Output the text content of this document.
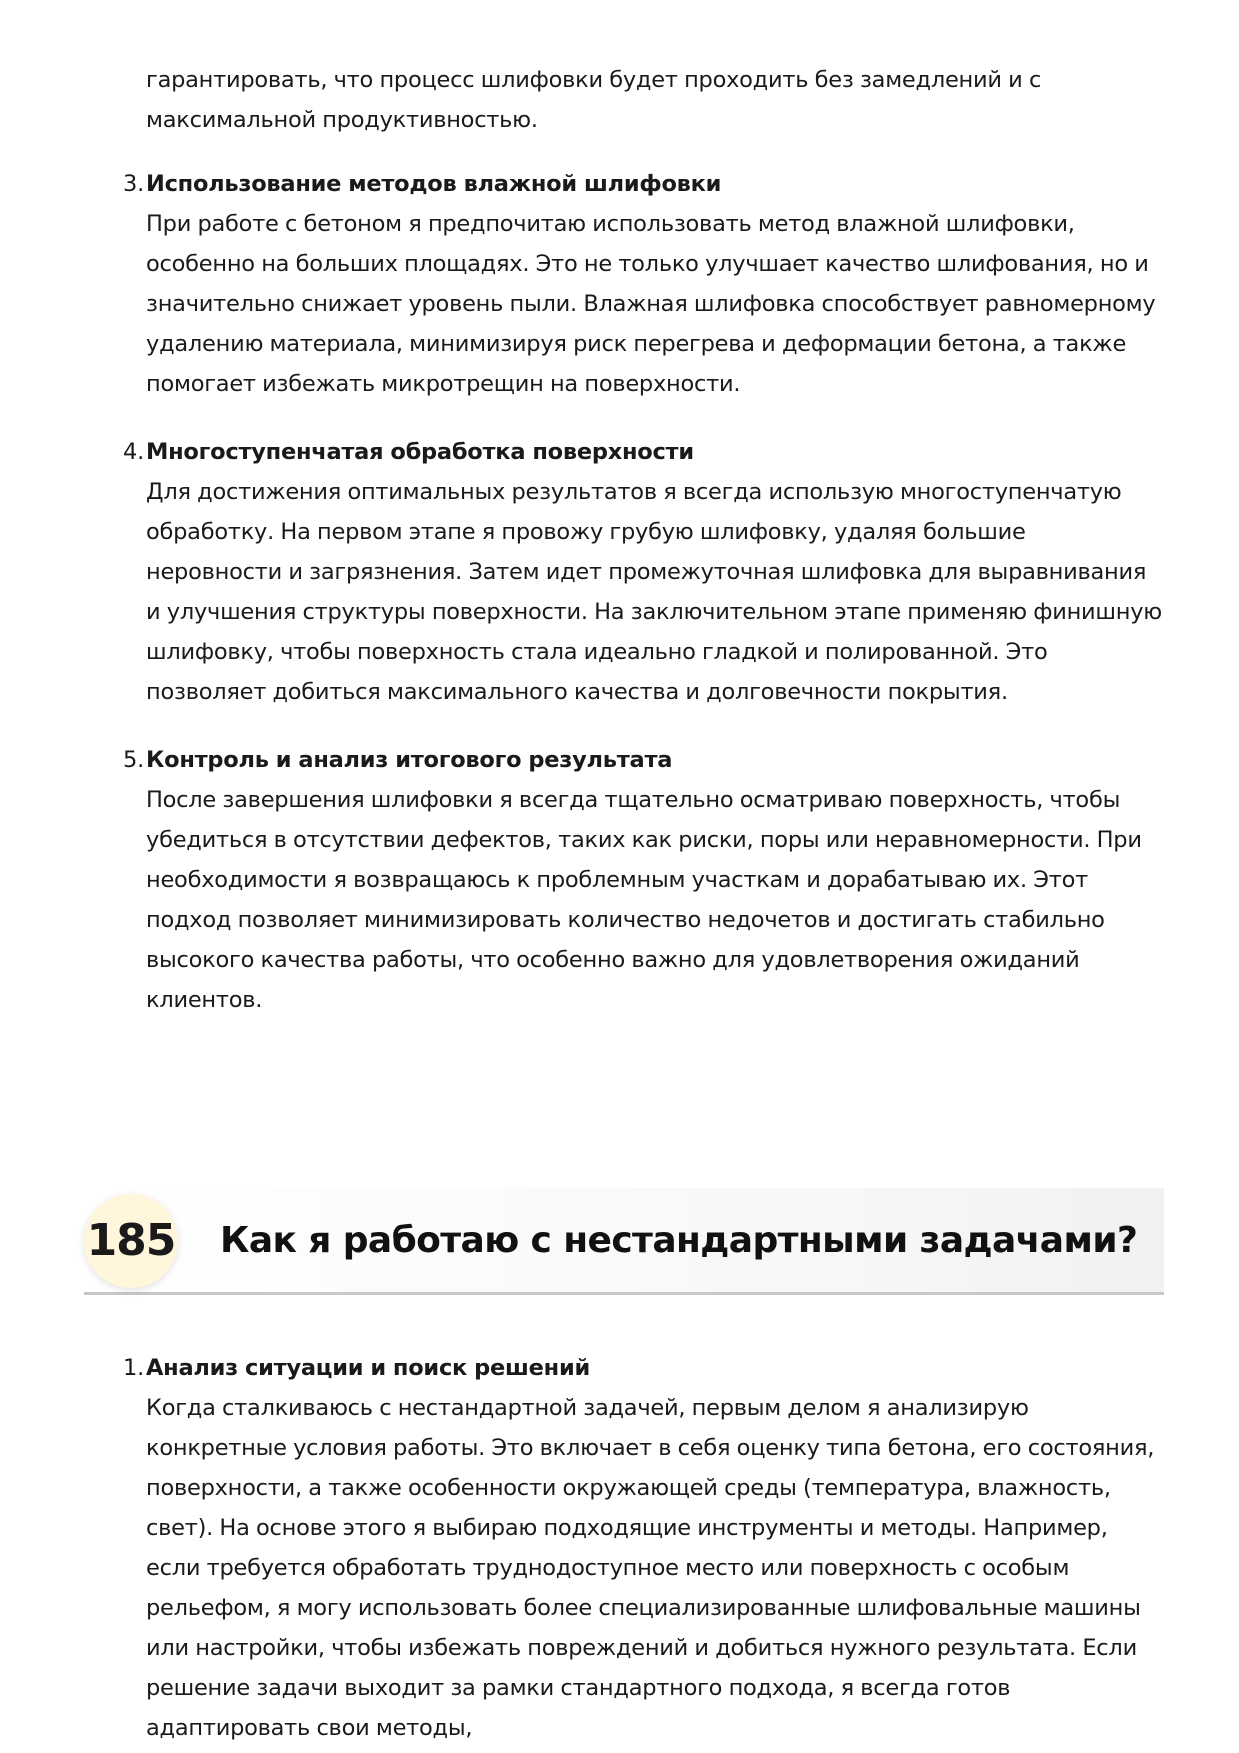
гарантировать, что процесс шлифовки будет проходить без замедлений и с максимальной продуктивностью.
3. Использование методов влажной шлифовки
При работе с бетоном я предпочитаю использовать метод влажной шлифовки, особенно на больших площадях. Это не только улучшает качество шлифования, но и значительно снижает уровень пыли. Влажная шлифовка способствует равномерному удалению материала, минимизируя риск перегрева и деформации бетона, а также помогает избежать микротрещин на поверхности.
4. Многоступенчатая обработка поверхности
Для достижения оптимальных результатов я всегда использую многоступенчатую обработку. На первом этапе я провожу грубую шлифовку, удаляя большие неровности и загрязнения. Затем идет промежуточная шлифовка для выравнивания и улучшения структуры поверхности. На заключительном этапе применяю финишную шлифовку, чтобы поверхность стала идеально гладкой и полированной. Это позволяет добиться максимального качества и долговечности покрытия.
5. Контроль и анализ итогового результата
После завершения шлифовки я всегда тщательно осматриваю поверхность, чтобы убедиться в отсутствии дефектов, таких как риски, поры или неравномерности. При необходимости я возвращаюсь к проблемным участкам и дорабатываю их. Этот подход позволяет минимизировать количество недочетов и достигать стабильно высокого качества работы, что особенно важно для удовлетворения ожиданий клиентов.
185 Как я работаю с нестандартными задачами?
1. Анализ ситуации и поиск решений
Когда сталкиваюсь с нестандартной задачей, первым делом я анализирую конкретные условия работы. Это включает в себя оценку типа бетона, его состояния, поверхности, а также особенности окружающей среды (температура, влажность, свет). На основе этого я выбираю подходящие инструменты и методы. Например, если требуется обработать труднодоступное место или поверхность с особым рельефом, я могу использовать более специализированные шлифовальные машины или настройки, чтобы избежать повреждений и добиться нужного результата. Если решение задачи выходит за рамки стандартного подхода, я всегда готов адаптировать свои методы,
